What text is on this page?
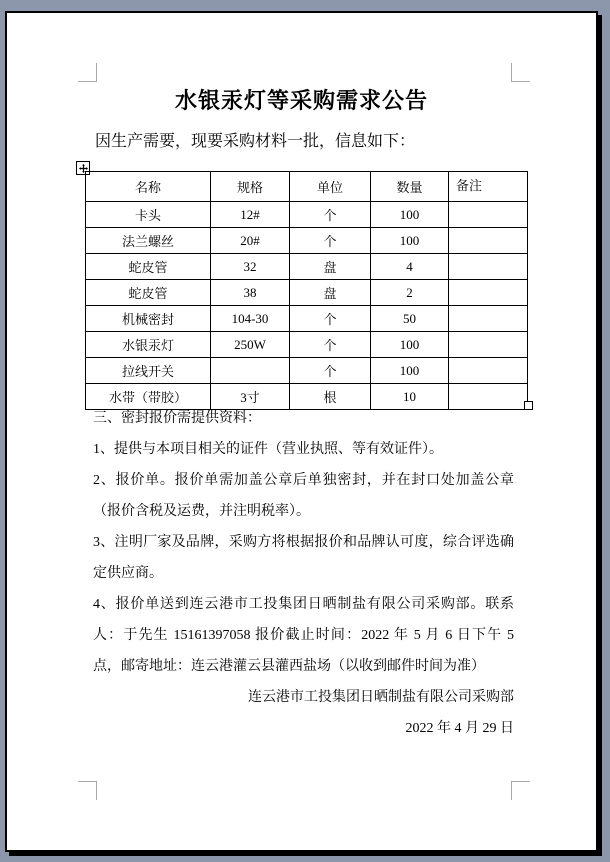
水银汞灯等采购需求公告
因生产需要，现要采购材料一批，信息如下：
名称	规格	单位	数量	备注
卡头	12#	个	100	
法兰螺丝	20#	个	100	
蛇皮管	32	盘	4	
蛇皮管	38	盘	2	
机械密封	104-30	个	50	
水银汞灯	250W	个	100	
拉线开关		个	100	
水带（带胶）	3寸	根	10	

三、密封报价需提供资料：

1、提供与本项目相关的证件（营业执照、等有效证件）。

2、报价单。报价单需加盖公章后单独密封，并在封口处加盖公章（报价含税及运费，并注明税率）。

3、注明厂家及品牌，采购方将根据报价和品牌认可度，综合评选确定供应商。

4、报价单送到连云港市工投集团日晒制盐有限公司采购部。联系人：于先生 15161397058 报价截止时间：2022 年 5 月 6 日下午 5 点，邮寄地址：连云港灌云县灌西盐场（以收到邮件时间为准）

连云港市工投集团日晒制盐有限公司采购部

2022 年 4 月 29 日
